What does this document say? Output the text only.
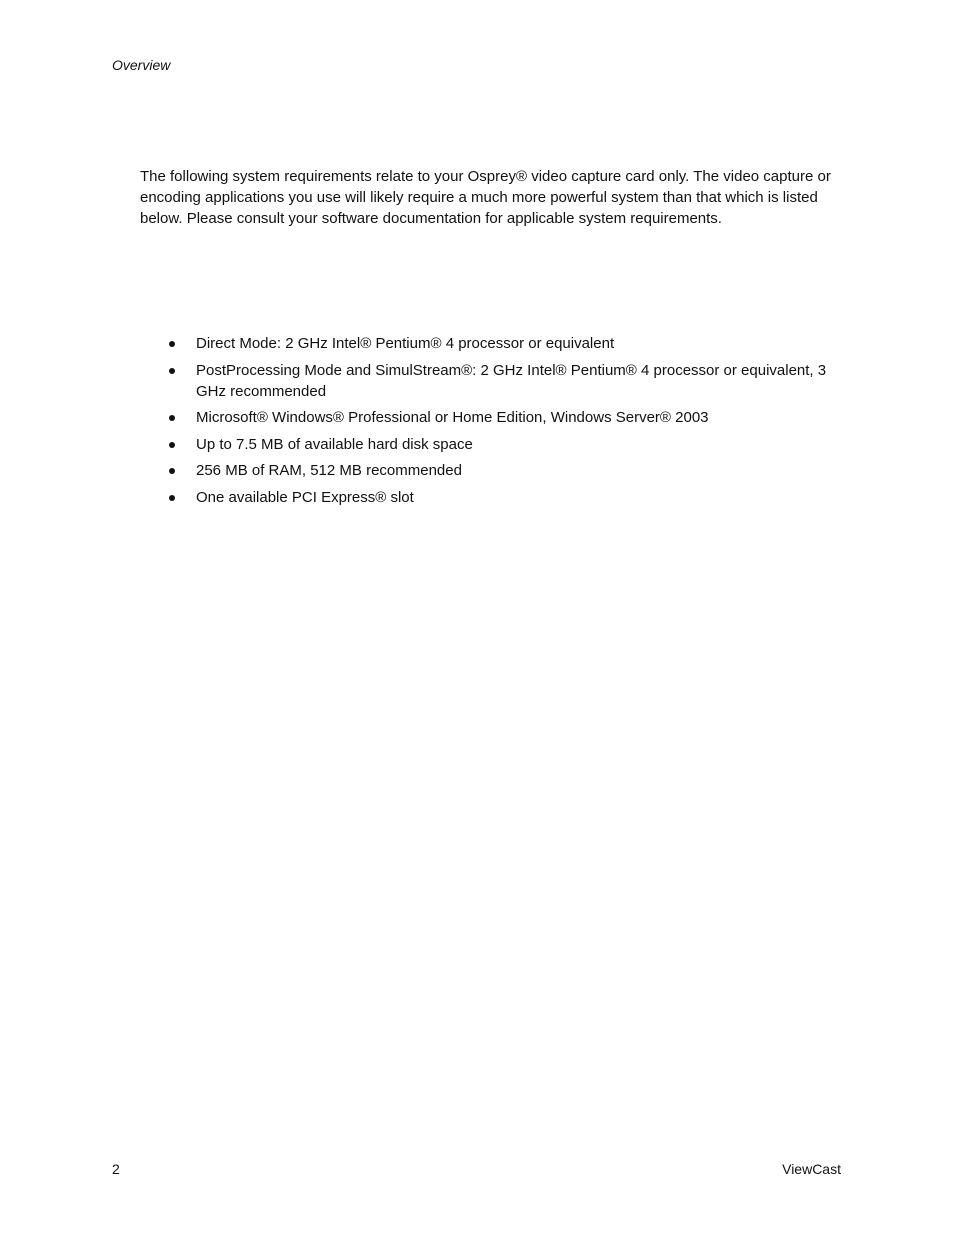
Overview

The following system requirements relate to your Osprey® video capture card only. The video capture or encoding applications you use will likely require a much more powerful system than that which is listed below. Please consult your software documentation for applicable system requirements.

Direct Mode: 2 GHz Intel® Pentium® 4 processor or equivalent
PostProcessing Mode and SimulStream®: 2 GHz Intel® Pentium® 4 processor or equivalent, 3 GHz recommended
Microsoft® Windows® Professional or Home Edition, Windows Server® 2003
Up to 7.5 MB of available hard disk space
256 MB of RAM, 512 MB recommended
One available PCI Express® slot
2	ViewCast
